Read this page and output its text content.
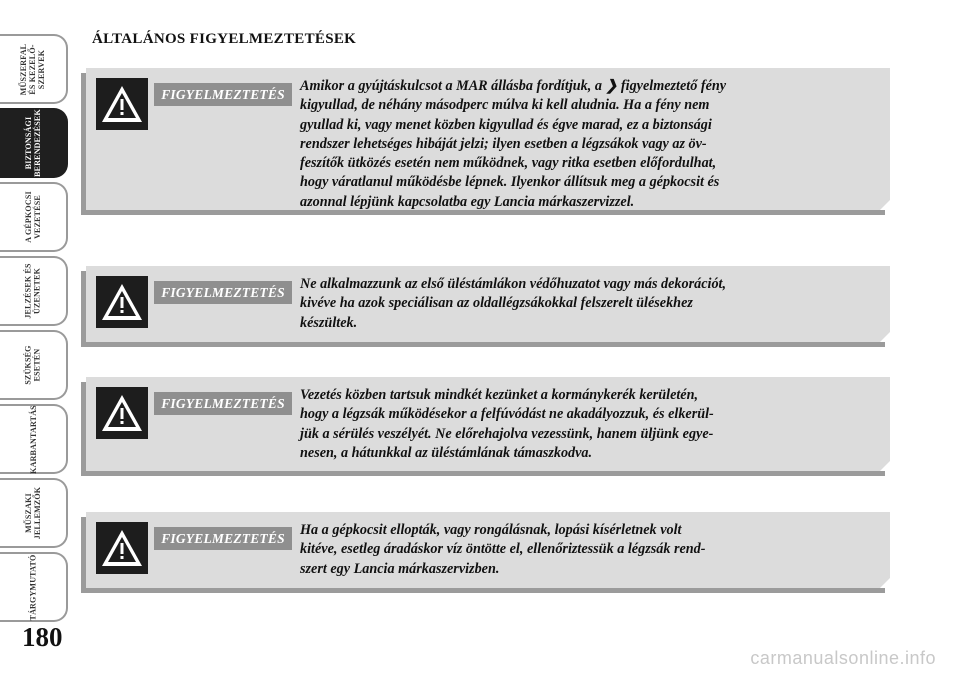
MŰSZERFAL
ÉS KEZELŐ-
SZERVEK
BIZTONSÁGI
BERENDEZÉSEK
A GÉPKOCSI
VEZETÉSE
JELZÉSEK ÉS
ÜZENETEK
SZÜKSÉG
ESETÉN
KARBANTARTÁS
MŰSZAKI
JELLEMZŐK
TÁRGYMUTATÓ
180
ÁLTALÁNOS FIGYELMEZTETÉSEK
FIGYELMEZTETÉS	Amikor a gyújtáskulcsot a MAR állásba fordítjuk, a ❯ figyelmeztető fény
kigyullad, de néhány másodperc múlva ki kell aludnia. Ha a fény nem
gyullad ki, vagy menet közben kigyullad és égve marad, ez a biztonsági
rendszer lehetséges hibáját jelzi; ilyen esetben a légzsákok vagy az öv-
feszítők ütközés esetén nem működnek, vagy ritka esetben előfordulhat,
hogy váratlanul működésbe lépnek. Ilyenkor állítsuk meg a gépkocsit és
azonnal lépjünk kapcsolatba egy Lancia márkaszervizzel.
FIGYELMEZTETÉS	Ne alkalmazzunk az első üléstámlákon védőhuzatot vagy más dekorációt,
kivéve ha azok speciálisan az oldallégzsákokkal felszerelt ülésekhez
készültek.
FIGYELMEZTETÉS	Vezetés közben tartsuk mindkét kezünket a kormánykerék kerületén,
hogy a légzsák működésekor a felfúvódást ne akadályozzuk, és elkerül-
jük a sérülés veszélyét. Ne előrehajolva vezessünk, hanem üljünk egye-
nesen, a hátunkkal az üléstámlának támaszkodva.
FIGYELMEZTETÉS	Ha a gépkocsit ellopták, vagy rongálásnak, lopási kísérletnek volt
kitéve, esetleg áradáskor víz öntötte el, ellenőriztessük a légzsák rend-
szert egy Lancia márkaszervizben.
carmanualsonline.info
